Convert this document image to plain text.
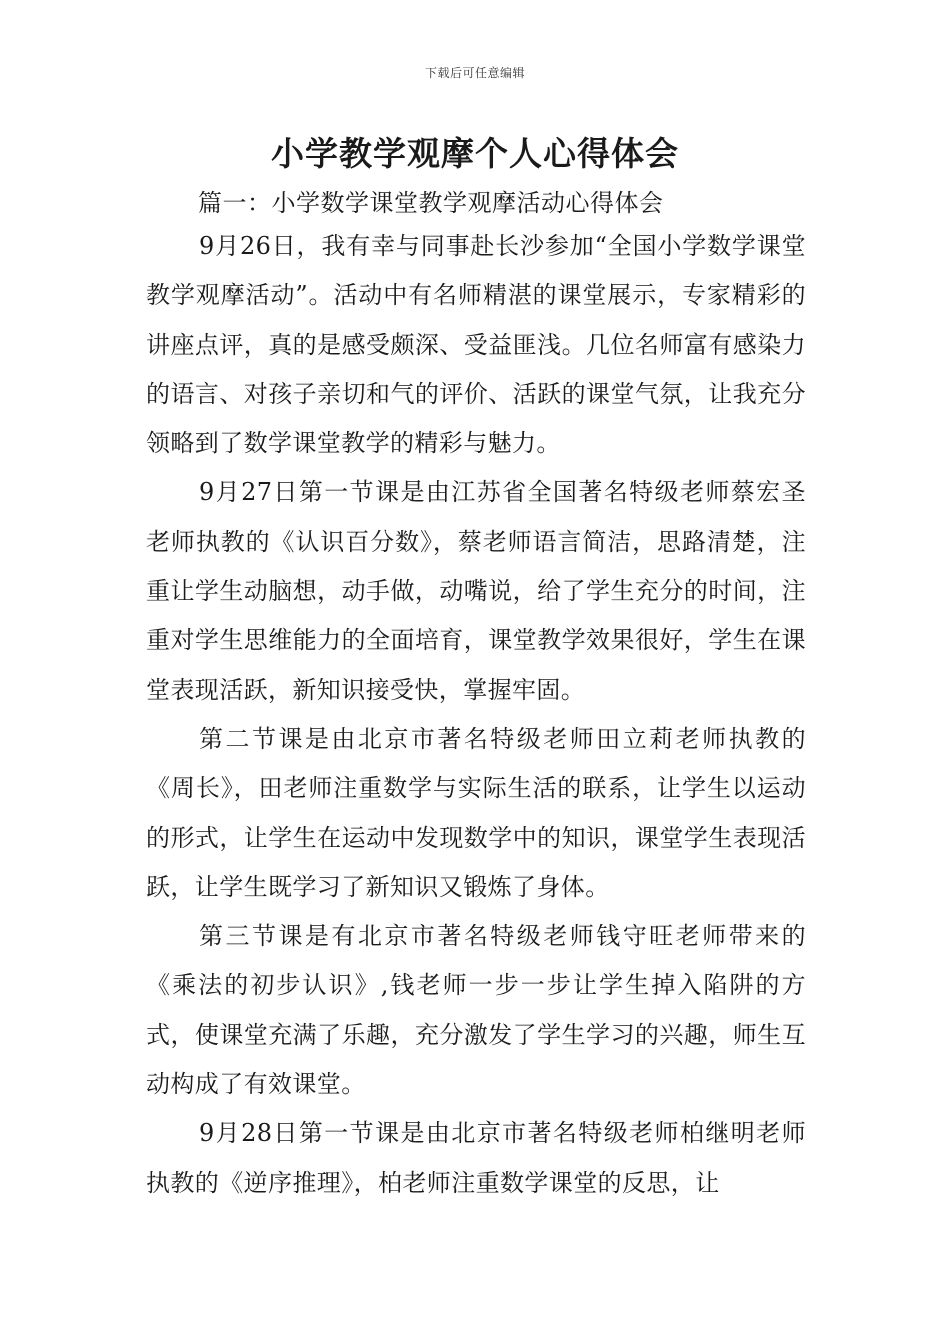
下载后可任意编辑
小学教学观摩个人心得体会
篇一：小学数学课堂教学观摩活动心得体会

9月26日，我有幸与同事赴长沙参加“全国小学数学课堂教学观摩活动”。活动中有名师精湛的课堂展示，专家精彩的讲座点评，真的是感受颇深、受益匪浅。几位名师富有感染力的语言、对孩子亲切和气的评价、活跃的课堂气氛，让我充分领略到了数学课堂教学的精彩与魅力。

9月27日第一节课是由江苏省全国著名特级老师蔡宏圣老师执教的《认识百分数》，蔡老师语言简洁，思路清楚，注重让学生动脑想，动手做，动嘴说，给了学生充分的时间，注重对学生思维能力的全面培育，课堂教学效果很好，学生在课堂表现活跃，新知识接受快，掌握牢固。

第二节课是由北京市著名特级老师田立莉老师执教的《周长》，田老师注重数学与实际生活的联系，让学生以运动的形式，让学生在运动中发现数学中的知识，课堂学生表现活跃，让学生既学习了新知识又锻炼了身体。

第三节课是有北京市著名特级老师钱守旺老师带来的《乘法的初步认识》,钱老师一步一步让学生掉入陷阱的方式，使课堂充满了乐趣，充分激发了学生学习的兴趣，师生互动构成了有效课堂。

9月28日第一节课是由北京市著名特级老师柏继明老师执教的《逆序推理》，柏老师注重数学课堂的反思，让
